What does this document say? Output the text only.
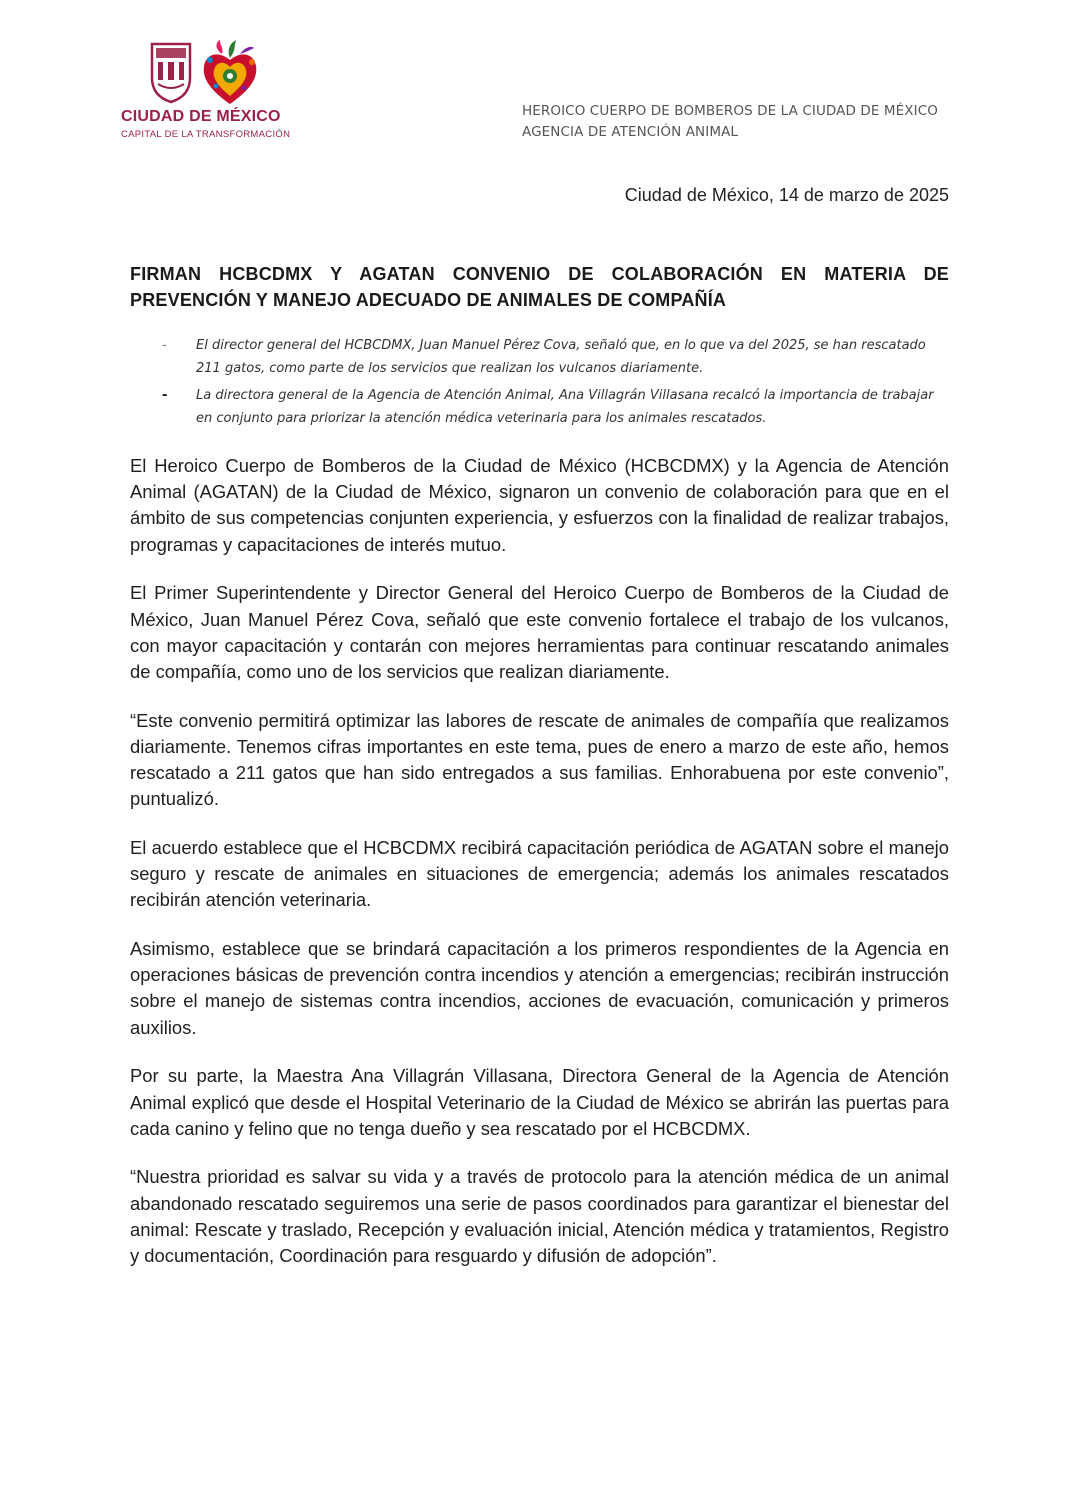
CIUDAD DE MÉXICO
CAPITAL DE LA TRANSFORMACIÓN
HEROICO CUERPO DE BOMBEROS DE LA CIUDAD DE MÉXICO
AGENCIA DE ATENCIÓN ANIMAL
Ciudad de México, 14 de marzo de 2025
FIRMAN HCBCDMX Y AGATAN CONVENIO DE COLABORACIÓN EN MATERIA DE PREVENCIÓN Y MANEJO ADECUADO DE ANIMALES DE COMPAÑÍA
- El director general del HCBCDMX, Juan Manuel Pérez Cova, señaló que, en lo que va del 2025, se han rescatado 211 gatos, como parte de los servicios que realizan los vulcanos diariamente.
- La directora general de la Agencia de Atención Animal, Ana Villagrán Villasana recalcó la importancia de trabajar en conjunto para priorizar la atención médica veterinaria para los animales rescatados.

El Heroico Cuerpo de Bomberos de la Ciudad de México (HCBCDMX) y la Agencia de Atención Animal (AGATAN) de la Ciudad de México, signaron un convenio de colaboración para que en el ámbito de sus competencias conjunten experiencia, y esfuerzos con la finalidad de realizar trabajos, programas y capacitaciones de interés mutuo.

El Primer Superintendente y Director General del Heroico Cuerpo de Bomberos de la Ciudad de México, Juan Manuel Pérez Cova, señaló que este convenio fortalece el trabajo de los vulcanos, con mayor capacitación y contarán con mejores herramientas para continuar rescatando animales de compañía, como uno de los servicios que realizan diariamente.

“Este convenio permitirá optimizar las labores de rescate de animales de compañía que realizamos diariamente. Tenemos cifras importantes en este tema, pues de enero a marzo de este año, hemos rescatado a 211 gatos que han sido entregados a sus familias. Enhorabuena por este convenio”, puntualizó.

El acuerdo establece que el HCBCDMX recibirá capacitación periódica de AGATAN sobre el manejo seguro y rescate de animales en situaciones de emergencia; además los animales rescatados recibirán atención veterinaria.

Asimismo, establece que se brindará capacitación a los primeros respondientes de la Agencia en operaciones básicas de prevención contra incendios y atención a emergencias; recibirán instrucción sobre el manejo de sistemas contra incendios, acciones de evacuación, comunicación y primeros auxilios.

Por su parte, la Maestra Ana Villagrán Villasana, Directora General de la Agencia de Atención Animal explicó que desde el Hospital Veterinario de la Ciudad de México se abrirán las puertas para cada canino y felino que no tenga dueño y sea rescatado por el HCBCDMX.

“Nuestra prioridad es salvar su vida y a través de protocolo para la atención médica de un animal abandonado rescatado seguiremos una serie de pasos coordinados para garantizar el bienestar del animal: Rescate y traslado, Recepción y evaluación inicial, Atención médica y tratamientos, Registro y documentación, Coordinación para resguardo y difusión de adopción”.
